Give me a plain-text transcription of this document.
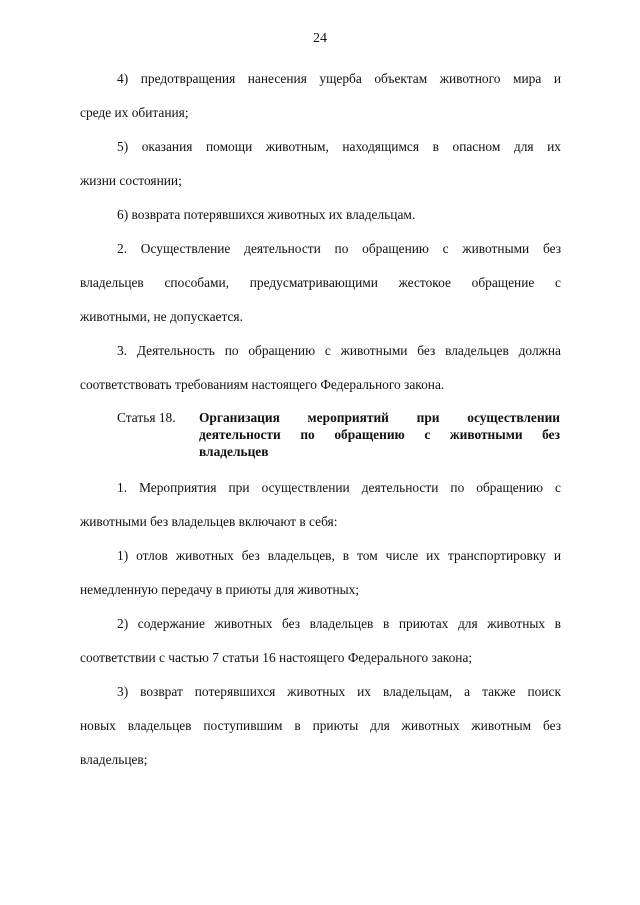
24
4) предотвращения нанесения ущерба объектам животного мира и
среде их обитания;
5) оказания помощи животным, находящимся в опасном для их
жизни состоянии;
6) возврата потерявшихся животных их владельцам.
2. Осуществление деятельности по обращению с животными без
владельцев способами, предусматривающими жестокое обращение с
животными, не допускается.
3. Деятельность по обращению с животными без владельцев должна
соответствовать требованиям настоящего Федерального закона.
Статья 18. Организация мероприятий при осуществлении
деятельности по обращению с животными без
владельцев
1. Мероприятия при осуществлении деятельности по обращению с
животными без владельцев включают в себя:
1) отлов животных без владельцев, в том числе их транспортировку и
немедленную передачу в приюты для животных;
2) содержание животных без владельцев в приютах для животных в
соответствии с частью 7 статьи 16 настоящего Федерального закона;
3) возврат потерявшихся животных их владельцам, а также поиск
новых владельцев поступившим в приюты для животных животным без
владельцев;
